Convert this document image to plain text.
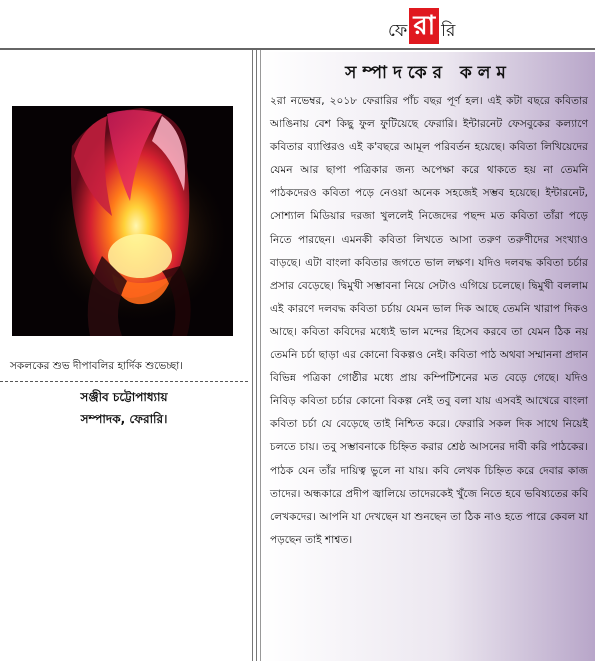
ফে রা রি
সকলকের শুভ দীপাবলির হার্দিক শুভেচ্ছা।
সঞ্জীব চট্টোপাধ্যায়
সম্পাদক, ফেরারি।
সম্পাদকের কলম

২রা নভেম্বর, ২০১৮ ফেরারির পাঁচ বছর পূর্ণ হল। এই কটা বছরে কবিতার আঙিনায় বেশ কিছু ফুল ফুটিয়েছে ফেরারি। ইন্টারনেট ফেসবুকের কল্যাণে কবিতার ব্যাপ্তিরও এই ক'বছরে আমূল পরিবর্তন হয়েছে। কবিতা লিখিয়েদের যেমন আর ছাপা পত্রিকার জন্য অপেক্ষা করে থাকতে হয় না তেমনি পাঠকদেরও কবিতা পড়ে নেওয়া অনেক সহজেই সম্ভব হয়েছে। ইন্টারনেট, সোশ্যাল মিডিয়ার দরজা খুললেই নিজেদের পছন্দ মত কবিতা তাঁরা পড়ে নিতে পারছেন। এমনকী কবিতা লিখতে আসা তরুণ তরুণীদের সংখ্যাও বাড়ছে। এটা বাংলা কবিতার জগতে ভাল লক্ষণ। যদিও দলবদ্ধ কবিতা চর্চার প্রসার বেড়েছে। দ্বিমুখী সম্ভাবনা নিয়ে সেটাও এগিয়ে চলেছে। দ্বিমুখী বললাম এই কারণে দলবদ্ধ কবিতা চর্চায় যেমন ভাল দিক আছে তেমনি খারাপ দিকও আছে। কবিতা কবিদের মধ্যেই ভাল মন্দের হিসেব করবে তা যেমন ঠিক নয় তেমনি চর্চা ছাড়া এর কোনো বিকল্পও নেই। কবিতা পাঠ অথবা সম্মাননা প্রদান বিভিন্ন পত্রিকা গোষ্ঠীর মধ্যে প্রায় কম্পিটিশনের মত বেড়ে গেছে। যদিও নিবিড় কবিতা চর্চার কোনো বিকল্প নেই তবু বলা যায় এসবই আখেরে বাংলা কবিতা চর্চা যে বেড়েছে তাই নিশ্চিত করে। ফেরারি সকল দিক সাথে নিয়েই চলতে চায়। তবু সম্ভাবনাকে চিহ্নিত করার শ্রেষ্ঠ আসনের দাবী করি পাঠকের। পাঠক যেন তাঁর দায়িত্ব ভুলে না যায়। কবি লেখক চিহ্নিত করে দেবার কাজ তাদের। অন্ধকারে প্রদীপ জ্বালিয়ে তাদেরকেই খুঁজে নিতে হবে ভবিষ্যতের কবি লেখকদের। আপনি যা দেখছেন যা শুনছেন তা ঠিক নাও হতে পারে কেবল যা পড়ছেন তাই শাশ্বত।
